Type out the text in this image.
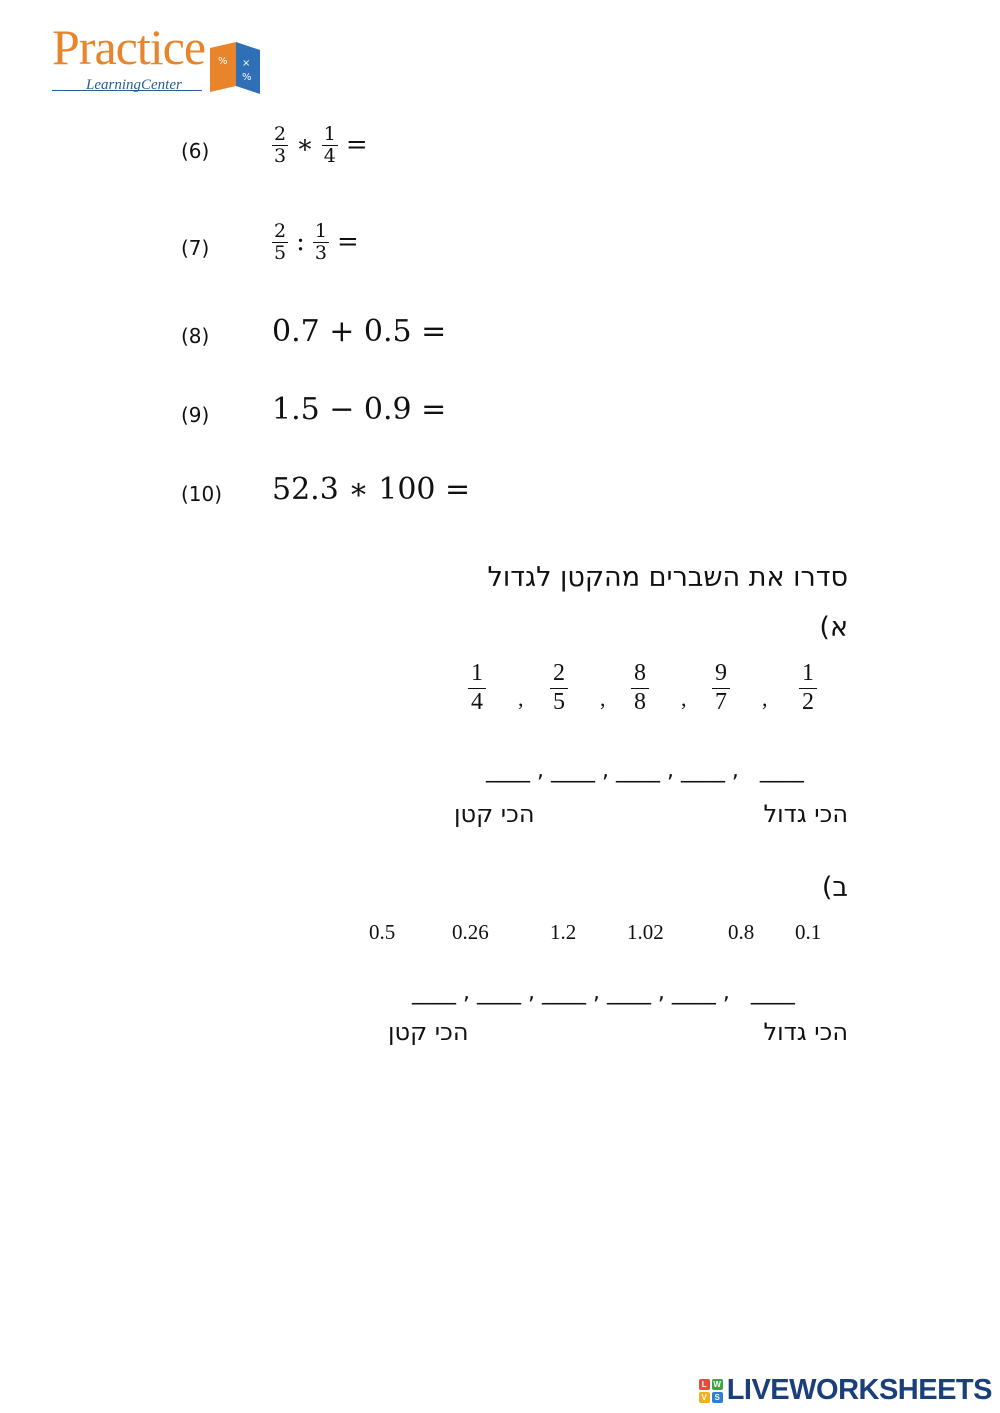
Practice
LearningCenter
% ×
%
(6)	$\frac{2}{3}$ ∗ $\frac{1}{4}$ =
(7)	$\frac{2}{5}$ : $\frac{1}{3}$ =
(8) 0.7 + 0.5 =
(9) 1.5 − 0.9 =
(10) 52.3 ∗ 100 =
סדרו את השברים מהקטן לגדול
א)
$\frac{1}{4}$ , $\frac{2}{5}$ , $\frac{8}{8}$ , $\frac{9}{7}$ , $\frac{1}{2}$
____ , ____ , ____ , ____ ,   ____
הכי קטן	הכי גדול
ב)
0.5	0.26	1.2 1.02	0.8 0.1
____ , ____ , ____ , ____ , ____ ,   ____
הכי קטן	הכי גדול
L W
V S LIVEWORKSHEETS
